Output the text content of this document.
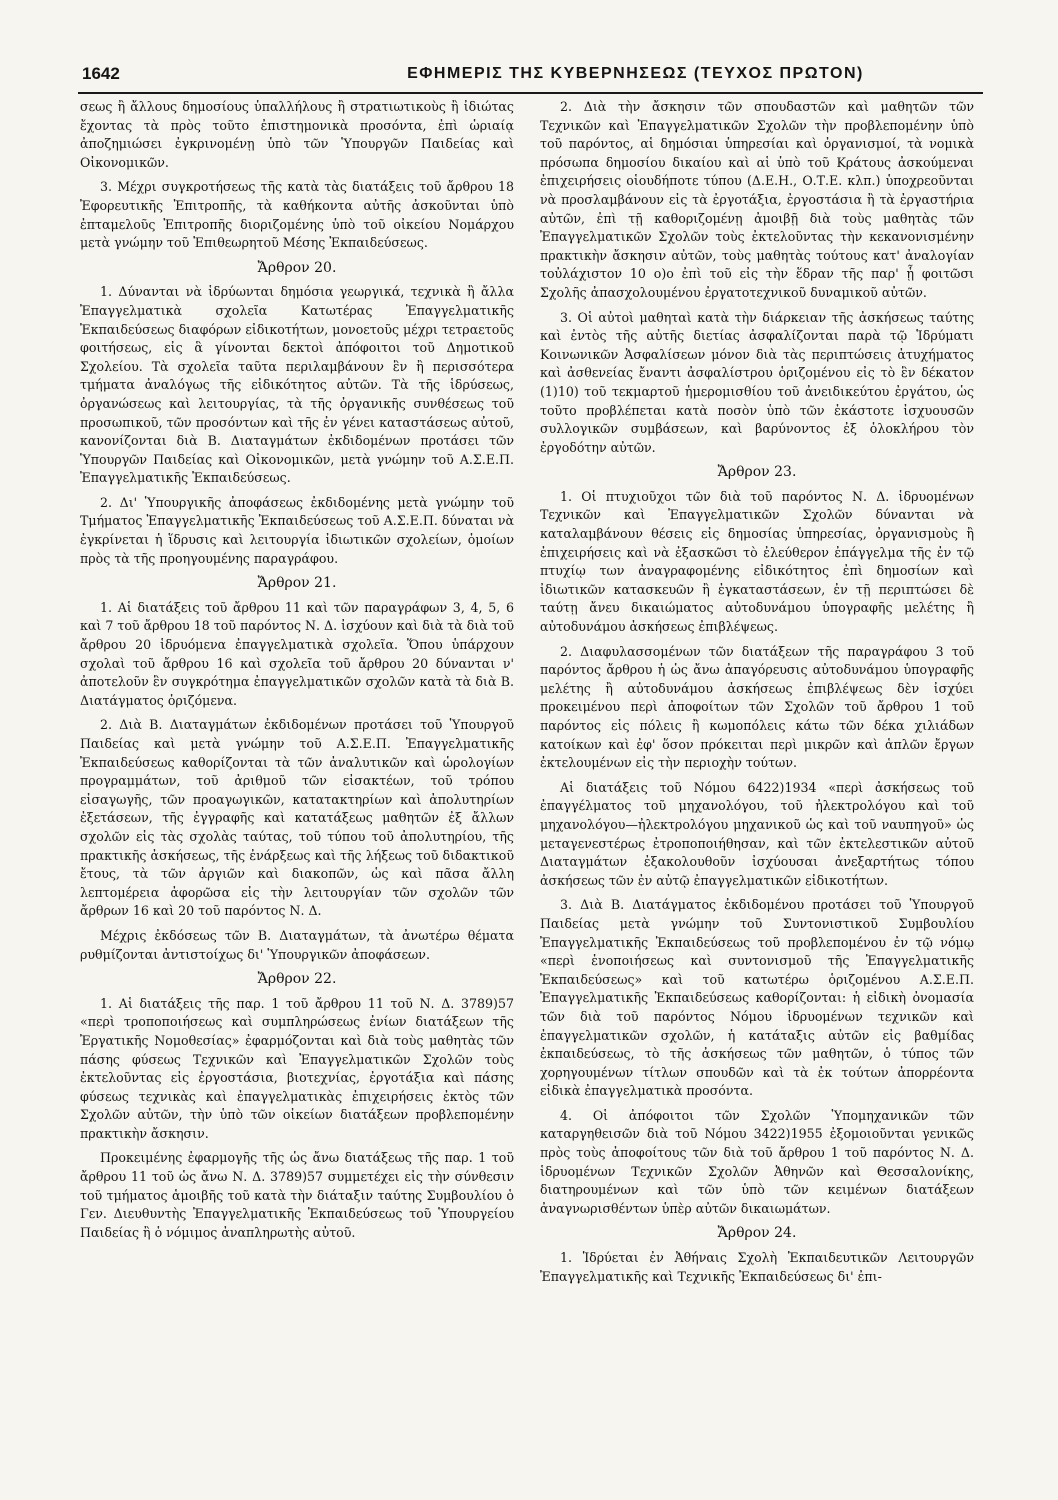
1642	ΕΦΗΜΕΡΙΣ ΤΗΣ ΚΥΒΕΡΝΗΣΕΩΣ (ΤΕΥΧΟΣ ΠΡΩΤΟΝ)

σεως ἢ ἄλλους δημοσίους ὑπαλλήλους ἢ στρατιωτικοὺς ἢ ἰδιώτας ἔχοντας τὰ πρὸς τοῦτο ἐπιστημονικὰ προσόντα, ἐπὶ ὡριαίᾳ ἀποζημιώσει ἐγκρινομένῃ ὑπὸ τῶν Ὑπουργῶν Παιδείας καὶ Οἰκονομικῶν.

3. Μέχρι συγκροτήσεως τῆς κατὰ τὰς διατάξεις τοῦ ἄρθρου 18 Ἐφορευτικῆς Ἐπιτροπῆς, τὰ καθήκοντα αὐτῆς ἀσκοῦνται ὑπὸ ἐπταμελοῦς Ἐπιτροπῆς διοριζομένης ὑπὸ τοῦ οἰκείου Νομάρχου μετὰ γνώμην τοῦ Ἐπιθεωρητοῦ Μέσης Ἐκπαιδεύσεως.

Ἄρθρον 20.

1. Δύνανται νὰ ἱδρύωνται δημόσια γεωργικά, τεχνικὰ ἢ ἄλλα Ἐπαγγελματικὰ σχολεῖα Κατωτέρας Ἐπαγγελματικῆς Ἐκπαιδεύσεως διαφόρων εἰδικοτήτων, μονοετοῦς μέχρι τετραετοῦς φοιτήσεως, εἰς ἃ γίνονται δεκτοὶ ἀπόφοιτοι τοῦ Δημοτικοῦ Σχολείου. Τὰ σχολεῖα ταῦτα περιλαμβάνουν ἓν ἢ περισσότερα τμήματα ἀναλόγως τῆς εἰδικότητος αὐτῶν. Τὰ τῆς ἱδρύσεως, ὀργανώσεως καὶ λειτουργίας, τὰ τῆς ὀργανικῆς συνθέσεως τοῦ προσωπικοῦ, τῶν προσόντων καὶ τῆς ἐν γένει καταστάσεως αὐτοῦ, κανονίζονται διὰ Β. Διαταγμάτων ἐκδιδομένων προτάσει τῶν Ὑπουργῶν Παιδείας καὶ Οἰκονομικῶν, μετὰ γνώμην τοῦ Α.Σ.Ε.Π. Ἐπαγγελματικῆς Ἐκπαιδεύσεως.

2. Δι' Ὑπουργικῆς ἀποφάσεως ἐκδιδομένης μετὰ γνώμην τοῦ Τμήματος Ἐπαγγελματικῆς Ἐκπαιδεύσεως τοῦ Α.Σ.Ε.Π. δύναται νὰ ἐγκρίνεται ἡ ἵδρυσις καὶ λειτουργία ἰδιωτικῶν σχολείων, ὁμοίων πρὸς τὰ τῆς προηγουμένης παραγράφου.

Ἄρθρον 21.

1. Αἱ διατάξεις τοῦ ἄρθρου 11 καὶ τῶν παραγράφων 3, 4, 5, 6 καὶ 7 τοῦ ἄρθρου 18 τοῦ παρόντος Ν. Δ. ἰσχύουν καὶ διὰ τὰ διὰ τοῦ ἄρθρου 20 ἱδρυόμενα ἐπαγγελματικὰ σχολεῖα. Ὅπου ὑπάρχουν σχολαὶ τοῦ ἄρθρου 16 καὶ σχολεῖα τοῦ ἄρθρου 20 δύνανται ν' ἀποτελοῦν ἓν συγκρότημα ἐπαγγελματικῶν σχολῶν κατὰ τὰ διὰ Β. Διατάγματος ὁριζόμενα.

2. Διὰ Β. Διαταγμάτων ἐκδιδομένων προτάσει τοῦ Ὑπουργοῦ Παιδείας καὶ μετὰ γνώμην τοῦ Α.Σ.Ε.Π. Ἐπαγγελματικῆς Ἐκπαιδεύσεως καθορίζονται τὰ τῶν ἀναλυτικῶν καὶ ὡρολογίων προγραμμάτων, τοῦ ἀριθμοῦ τῶν εἰσακτέων, τοῦ τρόπου εἰσαγωγῆς, τῶν προαγωγικῶν, κατατακτηρίων καὶ ἀπολυτηρίων ἐξετάσεων, τῆς ἐγγραφῆς καὶ κατατάξεως μαθητῶν ἐξ ἄλλων σχολῶν εἰς τὰς σχολὰς ταύτας, τοῦ τύπου τοῦ ἀπολυτηρίου, τῆς πρακτικῆς ἀσκήσεως, τῆς ἐνάρξεως καὶ τῆς λήξεως τοῦ διδακτικοῦ ἔτους, τὰ τῶν ἀργιῶν καὶ διακοπῶν, ὡς καὶ πᾶσα ἄλλη λεπτομέρεια ἀφορῶσα εἰς τὴν λειτουργίαν τῶν σχολῶν τῶν ἄρθρων 16 καὶ 20 τοῦ παρόντος Ν. Δ.

Μέχρις ἐκδόσεως τῶν Β. Διαταγμάτων, τὰ ἀνωτέρω θέματα ρυθμίζονται ἀντιστοίχως δι' Ὑπουργικῶν ἀποφάσεων.

Ἄρθρον 22.

1. Αἱ διατάξεις τῆς παρ. 1 τοῦ ἄρθρου 11 τοῦ Ν. Δ. 3789)57 «περὶ τροποποιήσεως καὶ συμπληρώσεως ἐνίων διατάξεων τῆς Ἐργατικῆς Νομοθεσίας» ἐφαρμόζονται καὶ διὰ τοὺς μαθητὰς τῶν πάσης φύσεως Τεχνικῶν καὶ Ἐπαγγελματικῶν Σχολῶν τοὺς ἐκτελοῦντας εἰς ἐργοστάσια, βιοτεχνίας, ἐργοτάξια καὶ πάσης φύσεως τεχνικὰς καὶ ἐπαγγελματικὰς ἐπιχειρήσεις ἐκτὸς τῶν Σχολῶν αὐτῶν, τὴν ὑπὸ τῶν οἰκείων διατάξεων προβλεπομένην πρακτικὴν ἄσκησιν.

Προκειμένης ἐφαρμογῆς τῆς ὡς ἄνω διατάξεως τῆς παρ. 1 τοῦ ἄρθρου 11 τοῦ ὡς ἄνω Ν. Δ. 3789)57 συμμετέχει εἰς τὴν σύνθεσιν τοῦ τμήματος ἁμοιβῆς τοῦ κατὰ τὴν διάταξιν ταύτης Συμβουλίου ὁ Γεν. Διευθυντὴς Ἐπαγγελματικῆς Ἐκπαιδεύσεως τοῦ Ὑπουργείου Παιδείας ἢ ὁ νόμιμος ἀναπληρωτὴς αὐτοῦ.

2. Διὰ τὴν ἄσκησιν τῶν σπουδαστῶν καὶ μαθητῶν τῶν Τεχνικῶν καὶ Ἐπαγγελματικῶν Σχολῶν τὴν προβλεπομένην ὑπὸ τοῦ παρόντος, αἱ δημόσιαι ὑπηρεσίαι καὶ ὀργανισμοί, τὰ νομικὰ πρόσωπα δημοσίου δικαίου καὶ αἱ ὑπὸ τοῦ Κράτους ἀσκούμεναι ἐπιχειρήσεις οἱουδήποτε τύπου (Δ.Ε.Η., Ο.Τ.Ε. κλπ.) ὑποχρεοῦνται νὰ προσλαμβάνουν εἰς τὰ ἐργοτάξια, ἐργοστάσια ἢ τὰ ἐργαστήρια αὐτῶν, ἐπὶ τῇ καθοριζομένῃ ἀμοιβῇ διὰ τοὺς μαθητὰς τῶν Ἐπαγγελματικῶν Σχολῶν τοὺς ἐκτελοῦντας τὴν κεκανονισμένην πρακτικὴν ἄσκησιν αὐτῶν, τοὺς μαθητὰς τούτους κατ' ἀναλογίαν τοὐλάχιστον 10 ο)ο ἐπὶ τοῦ εἰς τὴν ἕδραν τῆς παρ' ᾗ φοιτῶσι Σχολῆς ἀπασχολουμένου ἐργατοτεχνικοῦ δυναμικοῦ αὐτῶν.

3. Οἱ αὐτοὶ μαθηταὶ κατὰ τὴν διάρκειαν τῆς ἀσκήσεως ταύτης καὶ ἐντὸς τῆς αὐτῆς διετίας ἀσφαλίζονται παρὰ τῷ Ἱδρύματι Κοινωνικῶν Ἀσφαλίσεων μόνον διὰ τὰς περιπτώσεις ἀτυχήματος καὶ ἀσθενείας ἔναντι ἀσφαλίστρου ὁριζομένου εἰς τὸ ἓν δέκατον (1)10) τοῦ τεκμαρτοῦ ἡμερομισθίου τοῦ ἀνειδικεύτου ἐργάτου, ὡς τοῦτο προβλέπεται κατὰ ποσὸν ὑπὸ τῶν ἑκάστοτε ἰσχυουσῶν συλλογικῶν συμβάσεων, καὶ βαρύνοντος ἐξ ὁλοκλήρου τὸν ἐργοδότην αὐτῶν.

Ἄρθρον 23.

1. Οἱ πτυχιοῦχοι τῶν διὰ τοῦ παρόντος Ν. Δ. ἱδρυομένων Τεχνικῶν καὶ Ἐπαγγελματικῶν Σχολῶν δύνανται νὰ καταλαμβάνουν θέσεις εἰς δημοσίας ὑπηρεσίας, ὀργανισμοὺς ἢ ἐπιχειρήσεις καὶ νὰ ἐξασκῶσι τὸ ἐλεύθερον ἐπάγγελμα τῆς ἐν τῷ πτυχίῳ των ἀναγραφομένης εἰδικότητος ἐπὶ δημοσίων καὶ ἰδιωτικῶν κατασκευῶν ἢ ἐγκαταστάσεων, ἐν τῇ περιπτώσει δὲ ταύτῃ ἄνευ δικαιώματος αὐτοδυνάμου ὑπογραφῆς μελέτης ἢ αὐτοδυνάμου ἀσκήσεως ἐπιβλέψεως.

2. Διαφυλασσομένων τῶν διατάξεων τῆς παραγράφου 3 τοῦ παρόντος ἄρθρου ἡ ὡς ἄνω ἀπαγόρευσις αὐτοδυνάμου ὑπογραφῆς μελέτης ἢ αὐτοδυνάμου ἀσκήσεως ἐπιβλέψεως δὲν ἰσχύει προκειμένου περὶ ἀποφοίτων τῶν Σχολῶν τοῦ ἄρθρου 1 τοῦ παρόντος εἰς πόλεις ἢ κωμοπόλεις κάτω τῶν δέκα χιλιάδων κατοίκων καὶ ἐφ' ὅσον πρόκειται περὶ μικρῶν καὶ ἁπλῶν ἔργων ἐκτελουμένων εἰς τὴν περιοχὴν τούτων.

Αἱ διατάξεις τοῦ Νόμου 6422)1934 «περὶ ἀσκήσεως τοῦ ἐπαγγέλματος τοῦ μηχανολόγου, τοῦ ἠλεκτρολόγου καὶ τοῦ μηχανολόγου—ἠλεκτρολόγου μηχανικοῦ ὡς καὶ τοῦ ναυπηγοῦ» ὡς μεταγενεστέρως ἐτροποποιήθησαν, καὶ τῶν ἐκτελεστικῶν αὐτοῦ Διαταγμάτων ἐξακολουθοῦν ἰσχύουσαι ἀνεξαρτήτως τόπου ἀσκήσεως τῶν ἐν αὐτῷ ἐπαγγελματικῶν εἰδικοτήτων.

3. Διὰ Β. Διατάγματος ἐκδιδομένου προτάσει τοῦ Ὑπουργοῦ Παιδείας μετὰ γνώμην τοῦ Συντονιστικοῦ Συμβουλίου Ἐπαγγελματικῆς Ἐκπαιδεύσεως τοῦ προβλεπομένου ἐν τῷ νόμῳ «περὶ ἑνοποιήσεως καὶ συντονισμοῦ τῆς Ἐπαγγελματικῆς Ἐκπαιδεύσεως» καὶ τοῦ κατωτέρω ὁριζομένου Α.Σ.Ε.Π. Ἐπαγγελματικῆς Ἐκπαιδεύσεως καθορίζονται: ἡ εἰδικὴ ὀνομασία τῶν διὰ τοῦ παρόντος Νόμου ἱδρυομένων τεχνικῶν καὶ ἐπαγγελματικῶν σχολῶν, ἡ κατάταξις αὐτῶν εἰς βαθμίδας ἐκπαιδεύσεως, τὸ τῆς ἀσκήσεως τῶν μαθητῶν, ὁ τύπος τῶν χορηγουμένων τίτλων σπουδῶν καὶ τὰ ἐκ τούτων ἀπορρέοντα εἰδικὰ ἐπαγγελματικὰ προσόντα.

4. Οἱ ἀπόφοιτοι τῶν Σχολῶν Ὑπομηχανικῶν τῶν καταργηθεισῶν διὰ τοῦ Νόμου 3422)1955 ἐξομοιοῦνται γενικῶς πρὸς τοὺς ἀποφοίτους τῶν διὰ τοῦ ἄρθρου 1 τοῦ παρόντος Ν. Δ. ἱδρυομένων Τεχνικῶν Σχολῶν Ἀθηνῶν καὶ Θεσσαλονίκης, διατηρουμένων καὶ τῶν ὑπὸ τῶν κειμένων διατάξεων ἀναγνωρισθέντων ὑπὲρ αὐτῶν δικαιωμάτων.

Ἄρθρον 24.

1. Ἱδρύεται ἐν Ἀθήναις Σχολὴ Ἐκπαιδευτικῶν Λειτουργῶν Ἐπαγγελματικῆς καὶ Τεχνικῆς Ἐκπαιδεύσεως δι' ἐπι-
